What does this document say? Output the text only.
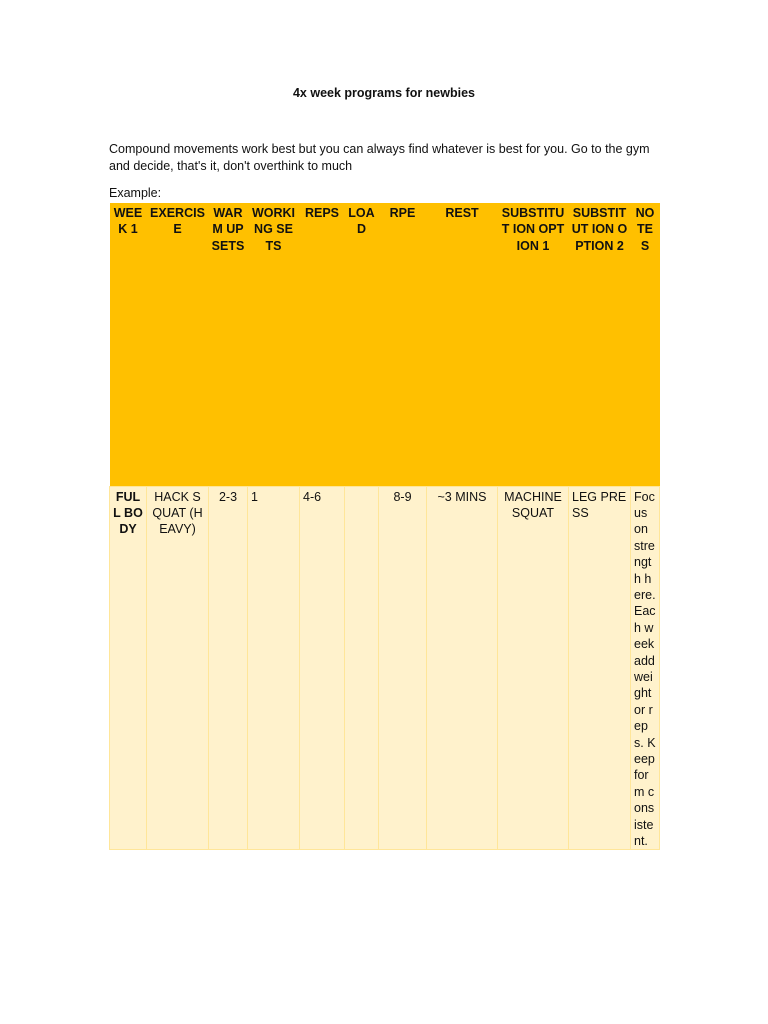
4x week programs for newbies
Compound movements work best but you can always find whatever is best for you. Go to the gym and decide, that's it, don't overthink to much
Example:
WEEK 1	EXERCISE	WARM UP SETS	WORKI NG SETS	REPS	LOAD	RPE	REST	SUBSTITUT ION OPTION 1	SUBSTITUT ION OPTION 2	NOTES
FULL BODY	HACK SQUAT (HEAVY)	2-3	1	4-6		8-9	~3 MINS	MACHINE SQUAT	LEG PRESS	Focus on strength here. Each week add weight or reps. Keep form consistent.
